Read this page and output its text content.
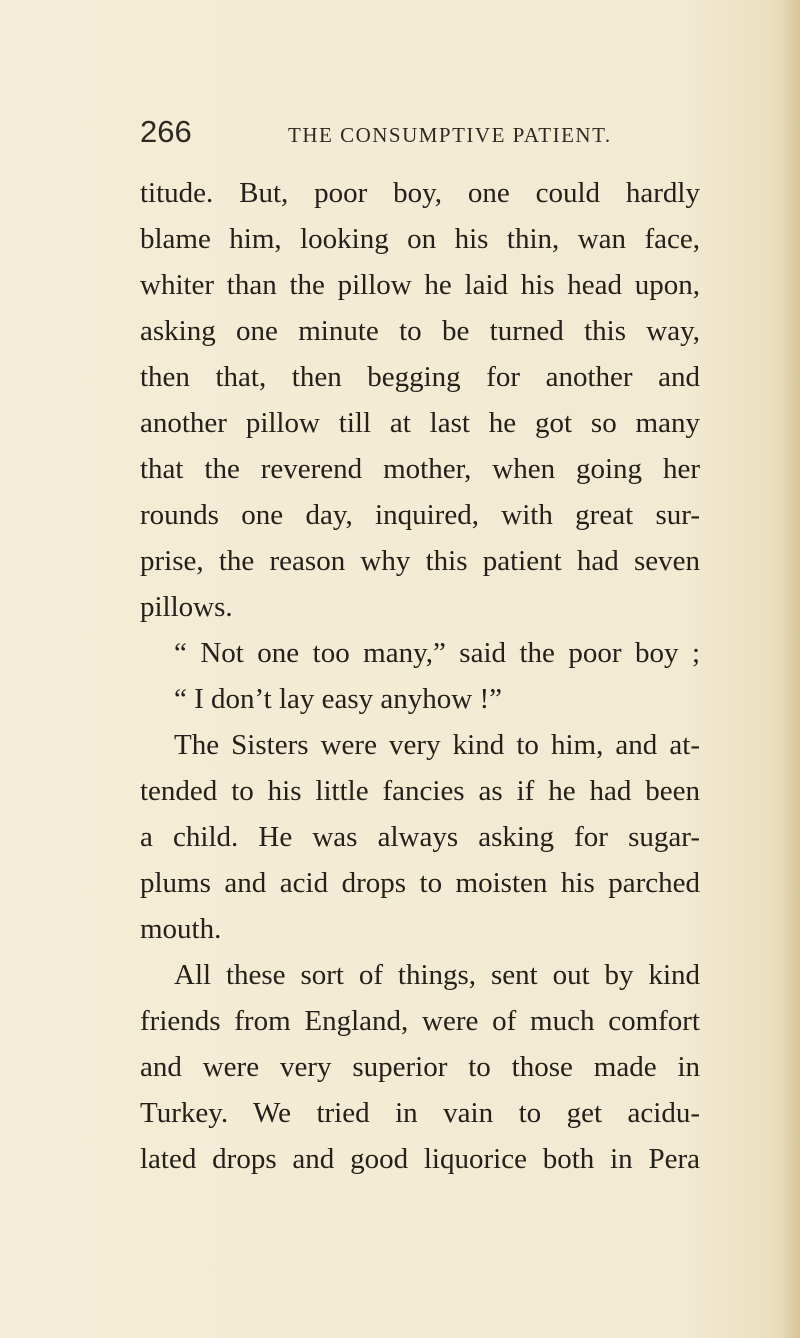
266	THE CONSUMPTIVE PATIENT.
titude. But, poor boy, one could hardly
blame him, looking on his thin, wan face,
whiter than the pillow he laid his head upon,
asking one minute to be turned this way,
then that, then begging for another and
another pillow till at last he got so many
that the reverend mother, when going her
rounds one day, inquired, with great sur-
prise, the reason why this patient had seven
pillows.
“ Not one too many,” said the poor boy ;
“ I don’t lay easy anyhow !”
The Sisters were very kind to him, and at-
tended to his little fancies as if he had been
a child. He was always asking for sugar-
plums and acid drops to moisten his parched
mouth.
All these sort of things, sent out by kind
friends from England, were of much comfort
and were very superior to those made in
Turkey. We tried in vain to get acidu-
lated drops and good liquorice both in Pera
